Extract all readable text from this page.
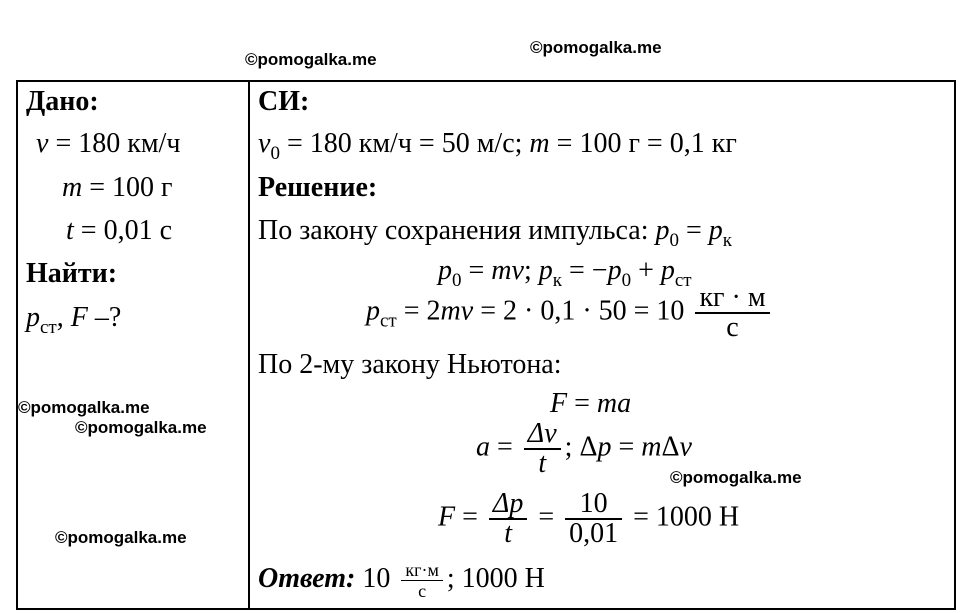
©pomogalka.me
©pomogalka.me
©pomogalka.me
©pomogalka.me
©pomogalka.me
©pomogalka.me
Дано:
v = 180 км/ч
m = 100 г
t = 0,01 с
Найти:
$p_{ст}$, F –?
СИ:
$v_0 = 180$ км/ч = 50 м/с; m = 100 г = 0,1 кг
Решение:
По закону сохранения импульса: $p_0 = p_к$
$p_0$ = mv; $p_к = -p_0 + p_{ст}$
$p_{ст} = 2mv = 2 \cdot 0,1 \cdot 50 = 10 \frac{кг \cdot м}{с}$
По 2-му закону Ньютона:
F = ma
$a = \frac{\Delta v}{t}$ ; Δp = mΔv
$F = \frac{\Delta p}{t} = \frac{10}{0,01} = 1000$ Н
Ответ: $10 \frac{кг\cdot м}{с}$ ; 1000 Н
